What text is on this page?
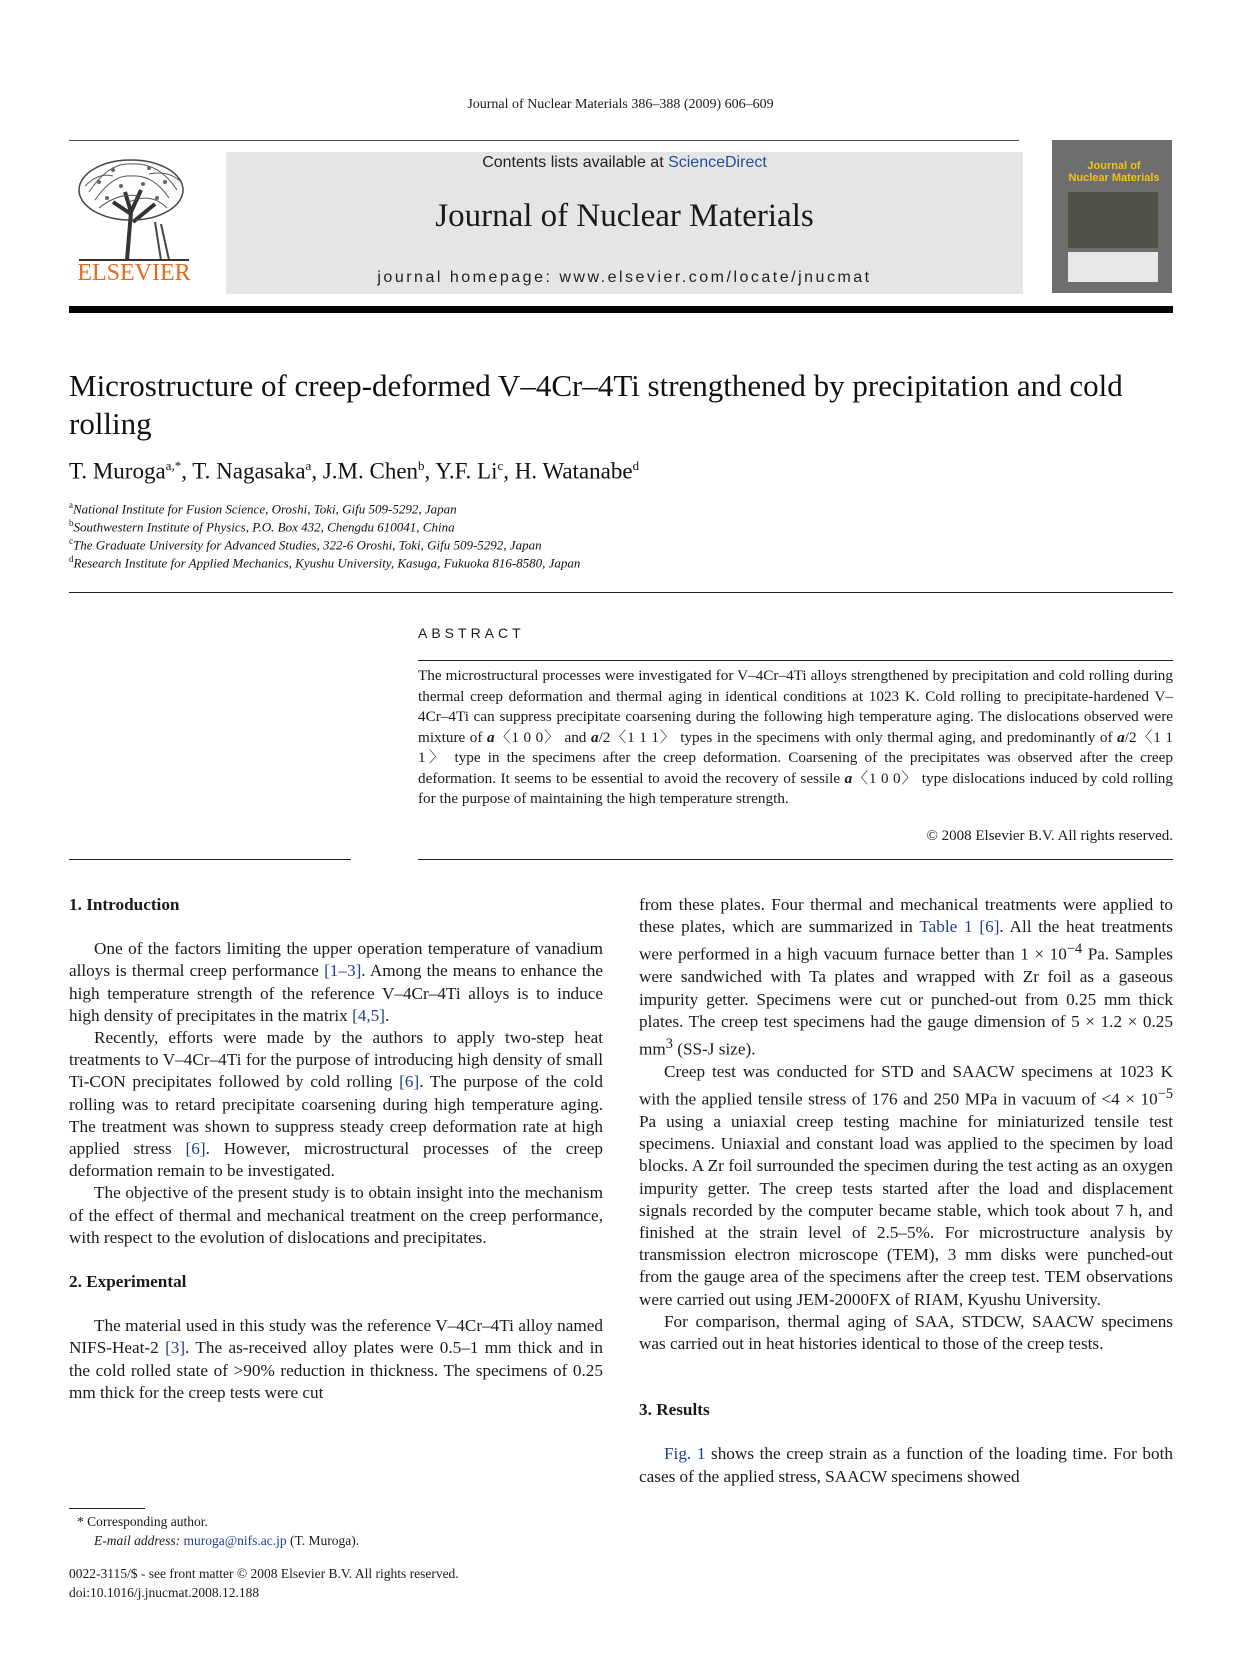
Journal of Nuclear Materials 386–388 (2009) 606–609
ELSEVIER
Contents lists available at ScienceDirect
Journal of Nuclear Materials
journal homepage: www.elsevier.com/locate/jnucmat
Journal of Nuclear Materials
Microstructure of creep-deformed V–4Cr–4Ti strengthened by precipitation and cold rolling
T. Muroga$^{a,*}$, T. Nagasaka$^a$, J.M. Chen$^b$, Y.F. Li$^c$, H. Watanabe$^d$
$^a$National Institute for Fusion Science, Oroshi, Toki, Gifu 509-5292, Japan
$^b$Southwestern Institute of Physics, P.O. Box 432, Chengdu 610041, China
$^c$The Graduate University for Advanced Studies, 322-6 Oroshi, Toki, Gifu 509-5292, Japan
$^d$Research Institute for Applied Mechanics, Kyushu University, Kasuga, Fukuoka 816-8580, Japan
ABSTRACT
The microstructural processes were investigated for V–4Cr–4Ti alloys strengthened by precipitation and cold rolling during thermal creep deformation and thermal aging in identical conditions at 1023 K. Cold rolling to precipitate-hardened V–4Cr–4Ti can suppress precipitate coarsening during the following high temperature aging. The dislocations observed were mixture of a〈1 0 0〉 and a/2〈1 1 1〉 types in the specimens with only thermal aging, and predominantly of a/2〈1 1 1〉 type in the specimens after the creep deformation. Coarsening of the precipitates was observed after the creep deformation. It seems to be essential to avoid the recovery of sessile a〈1 0 0〉 type dislocations induced by cold rolling for the purpose of maintaining the high temperature strength.
© 2008 Elsevier B.V. All rights reserved.
1. Introduction

One of the factors limiting the upper operation temperature of vanadium alloys is thermal creep performance [1–3]. Among the means to enhance the high temperature strength of the reference V–4Cr–4Ti alloys is to induce high density of precipitates in the matrix [4,5].

Recently, efforts were made by the authors to apply two-step heat treatments to V–4Cr–4Ti for the purpose of introducing high density of small Ti-CON precipitates followed by cold rolling [6]. The purpose of the cold rolling was to retard precipitate coarsening during high temperature aging. The treatment was shown to suppress steady creep deformation rate at high applied stress [6]. However, microstructural processes of the creep deformation remain to be investigated.

The objective of the present study is to obtain insight into the mechanism of the effect of thermal and mechanical treatment on the creep performance, with respect to the evolution of dislocations and precipitates.

2. Experimental

The material used in this study was the reference V–4Cr–4Ti alloy named NIFS-Heat-2 [3]. The as-received alloy plates were 0.5–1 mm thick and in the cold rolled state of >90% reduction in thickness. The specimens of 0.25 mm thick for the creep tests were cut

* Corresponding author.
E-mail address: muroga@nifs.ac.jp (T. Muroga).
0022-3115/$ - see front matter © 2008 Elsevier B.V. All rights reserved.
doi:10.1016/j.jnucmat.2008.12.188

from these plates. Four thermal and mechanical treatments were applied to these plates, which are summarized in Table 1 [6]. All the heat treatments were performed in a high vacuum furnace better than $1 \times 10^{-4}$ Pa. Samples were sandwiched with Ta plates and wrapped with Zr foil as a gaseous impurity getter. Specimens were cut or punched-out from 0.25 mm thick plates. The creep test specimens had the gauge dimension of 5 × 1.2 × 0.25 $mm^3$ (SS-J size).

Creep test was conducted for STD and SAACW specimens at 1023 K with the applied tensile stress of 176 and 250 MPa in vacuum of $<4 \times 10^{-5}$ Pa using a uniaxial creep testing machine for miniaturized tensile test specimens. Uniaxial and constant load was applied to the specimen by load blocks. A Zr foil surrounded the specimen during the test acting as an oxygen impurity getter. The creep tests started after the load and displacement signals recorded by the computer became stable, which took about 7 h, and finished at the strain level of 2.5–5%. For microstructure analysis by transmission electron microscope (TEM), 3 mm disks were punched-out from the gauge area of the specimens after the creep test. TEM observations were carried out using JEM-2000FX of RIAM, Kyushu University.

For comparison, thermal aging of SAA, STDCW, SAACW specimens was carried out in heat histories identical to those of the creep tests.

3. Results

Fig. 1 shows the creep strain as a function of the loading time. For both cases of the applied stress, SAACW specimens showed
